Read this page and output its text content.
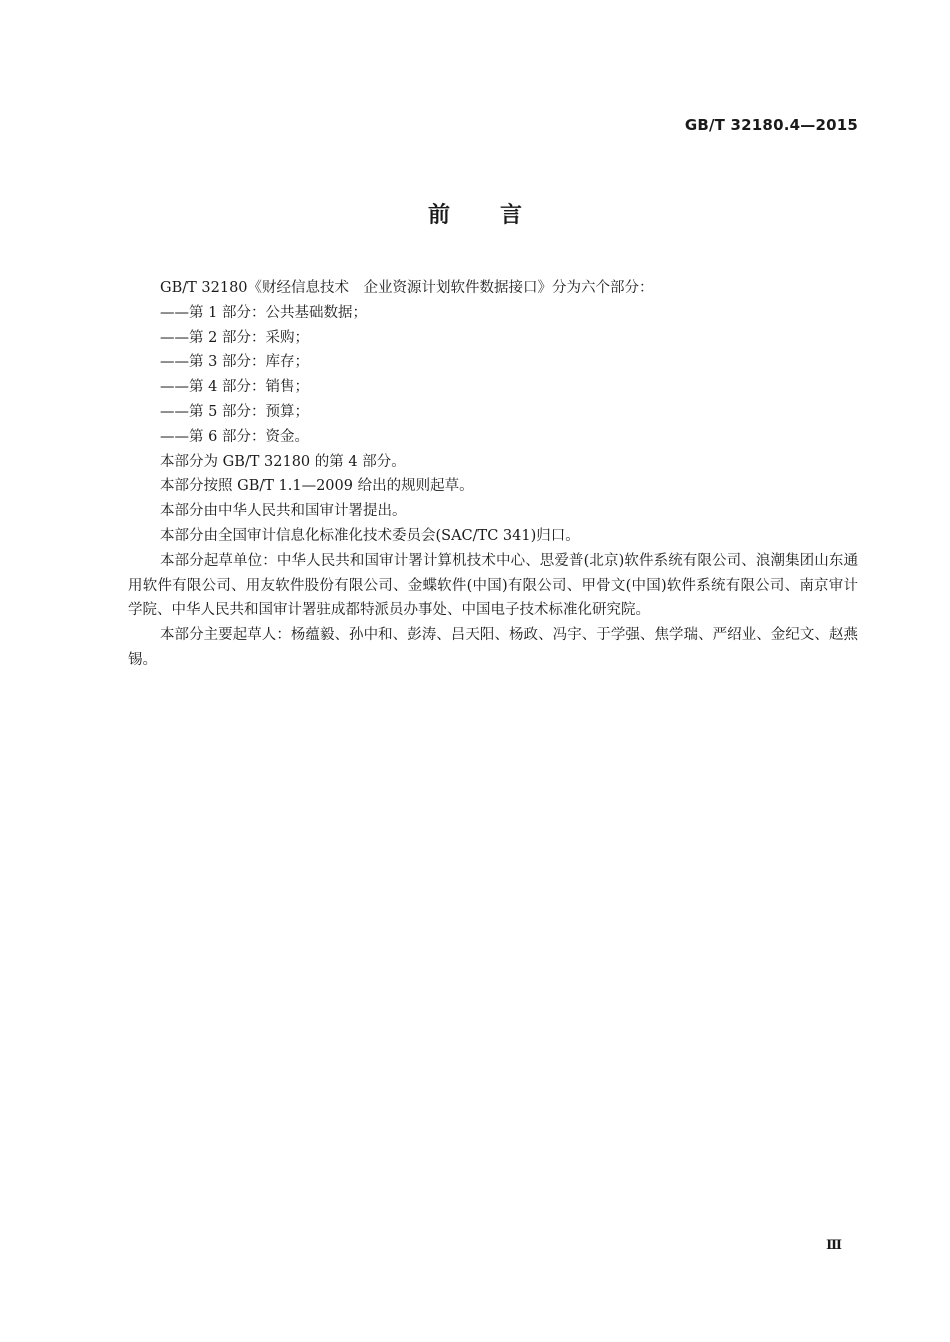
GB/T 32180.4—2015
前言

GB/T 32180《财经信息技术　企业资源计划软件数据接口》分为六个部分：

——第 1 部分：公共基础数据；

——第 2 部分：采购；

——第 3 部分：库存；

——第 4 部分：销售；

——第 5 部分：预算；

——第 6 部分：资金。

本部分为 GB/T 32180 的第 4 部分。

本部分按照 GB/T 1.1—2009 给出的规则起草。

本部分由中华人民共和国审计署提出。

本部分由全国审计信息化标准化技术委员会(SAC/TC 341)归口。

本部分起草单位：中华人民共和国审计署计算机技术中心、思爱普(北京)软件系统有限公司、浪潮集团山东通用软件有限公司、用友软件股份有限公司、金蝶软件(中国)有限公司、甲骨文(中国)软件系统有限公司、南京审计学院、中华人民共和国审计署驻成都特派员办事处、中国电子技术标准化研究院。

本部分主要起草人：杨蕴毅、孙中和、彭涛、吕天阳、杨政、冯宇、于学强、焦学瑞、严绍业、金纪文、赵燕锡。

Ⅲ
